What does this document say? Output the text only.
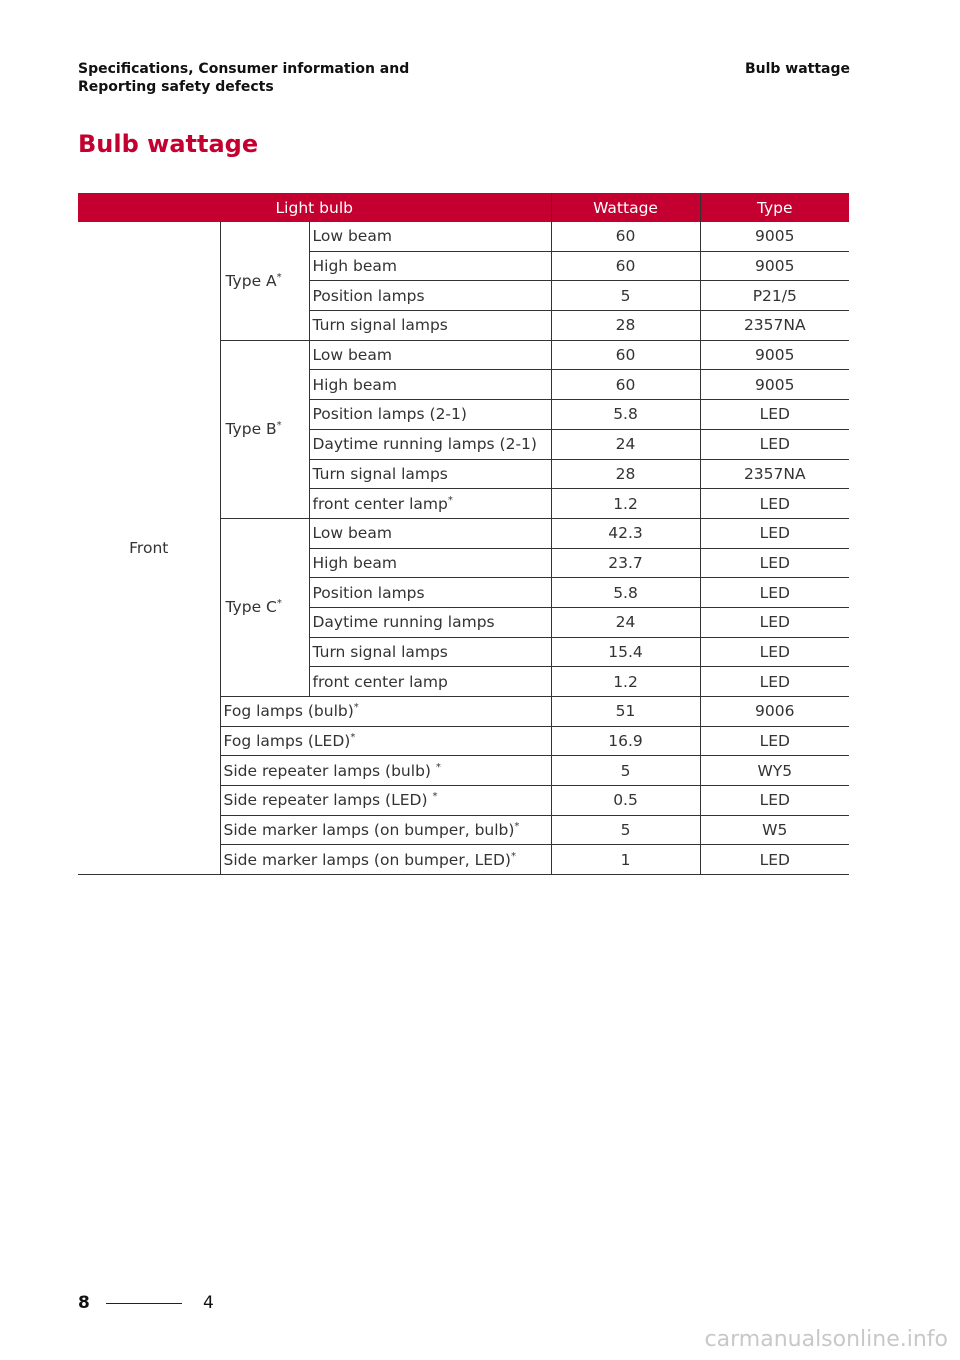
Specifications, Consumer information and
Reporting safety defects
Bulb wattage
Bulb wattage
Light bulb			Wattage	Type
Front	Type A*	Low beam	60	9005
		High beam	60	9005
		Position lamps	5	P21/5
		Turn signal lamps	28	2357NA
	Type B*	Low beam	60	9005
		High beam	60	9005
		Position lamps (2-1)	5.8	LED
		Daytime running lamps (2-1)	24	LED
		Turn signal lamps	28	2357NA
		front center lamp*	1.2	LED
	Type C*	Low beam	42.3	LED
		High beam	23.7	LED
		Position lamps	5.8	LED
		Daytime running lamps	24	LED
		Turn signal lamps	15.4	LED
		front center lamp	1.2	LED
	Fog lamps (bulb)*		51	9006
	Fog lamps (LED)*		16.9	LED
	Side repeater lamps (bulb) *		5	WY5
	Side repeater lamps (LED) *		0.5	LED
	Side marker lamps (on bumper, bulb)*		5	W5
	Side marker lamps (on bumper, LED)*		1	LED
8	4
carmanualsonline.info
